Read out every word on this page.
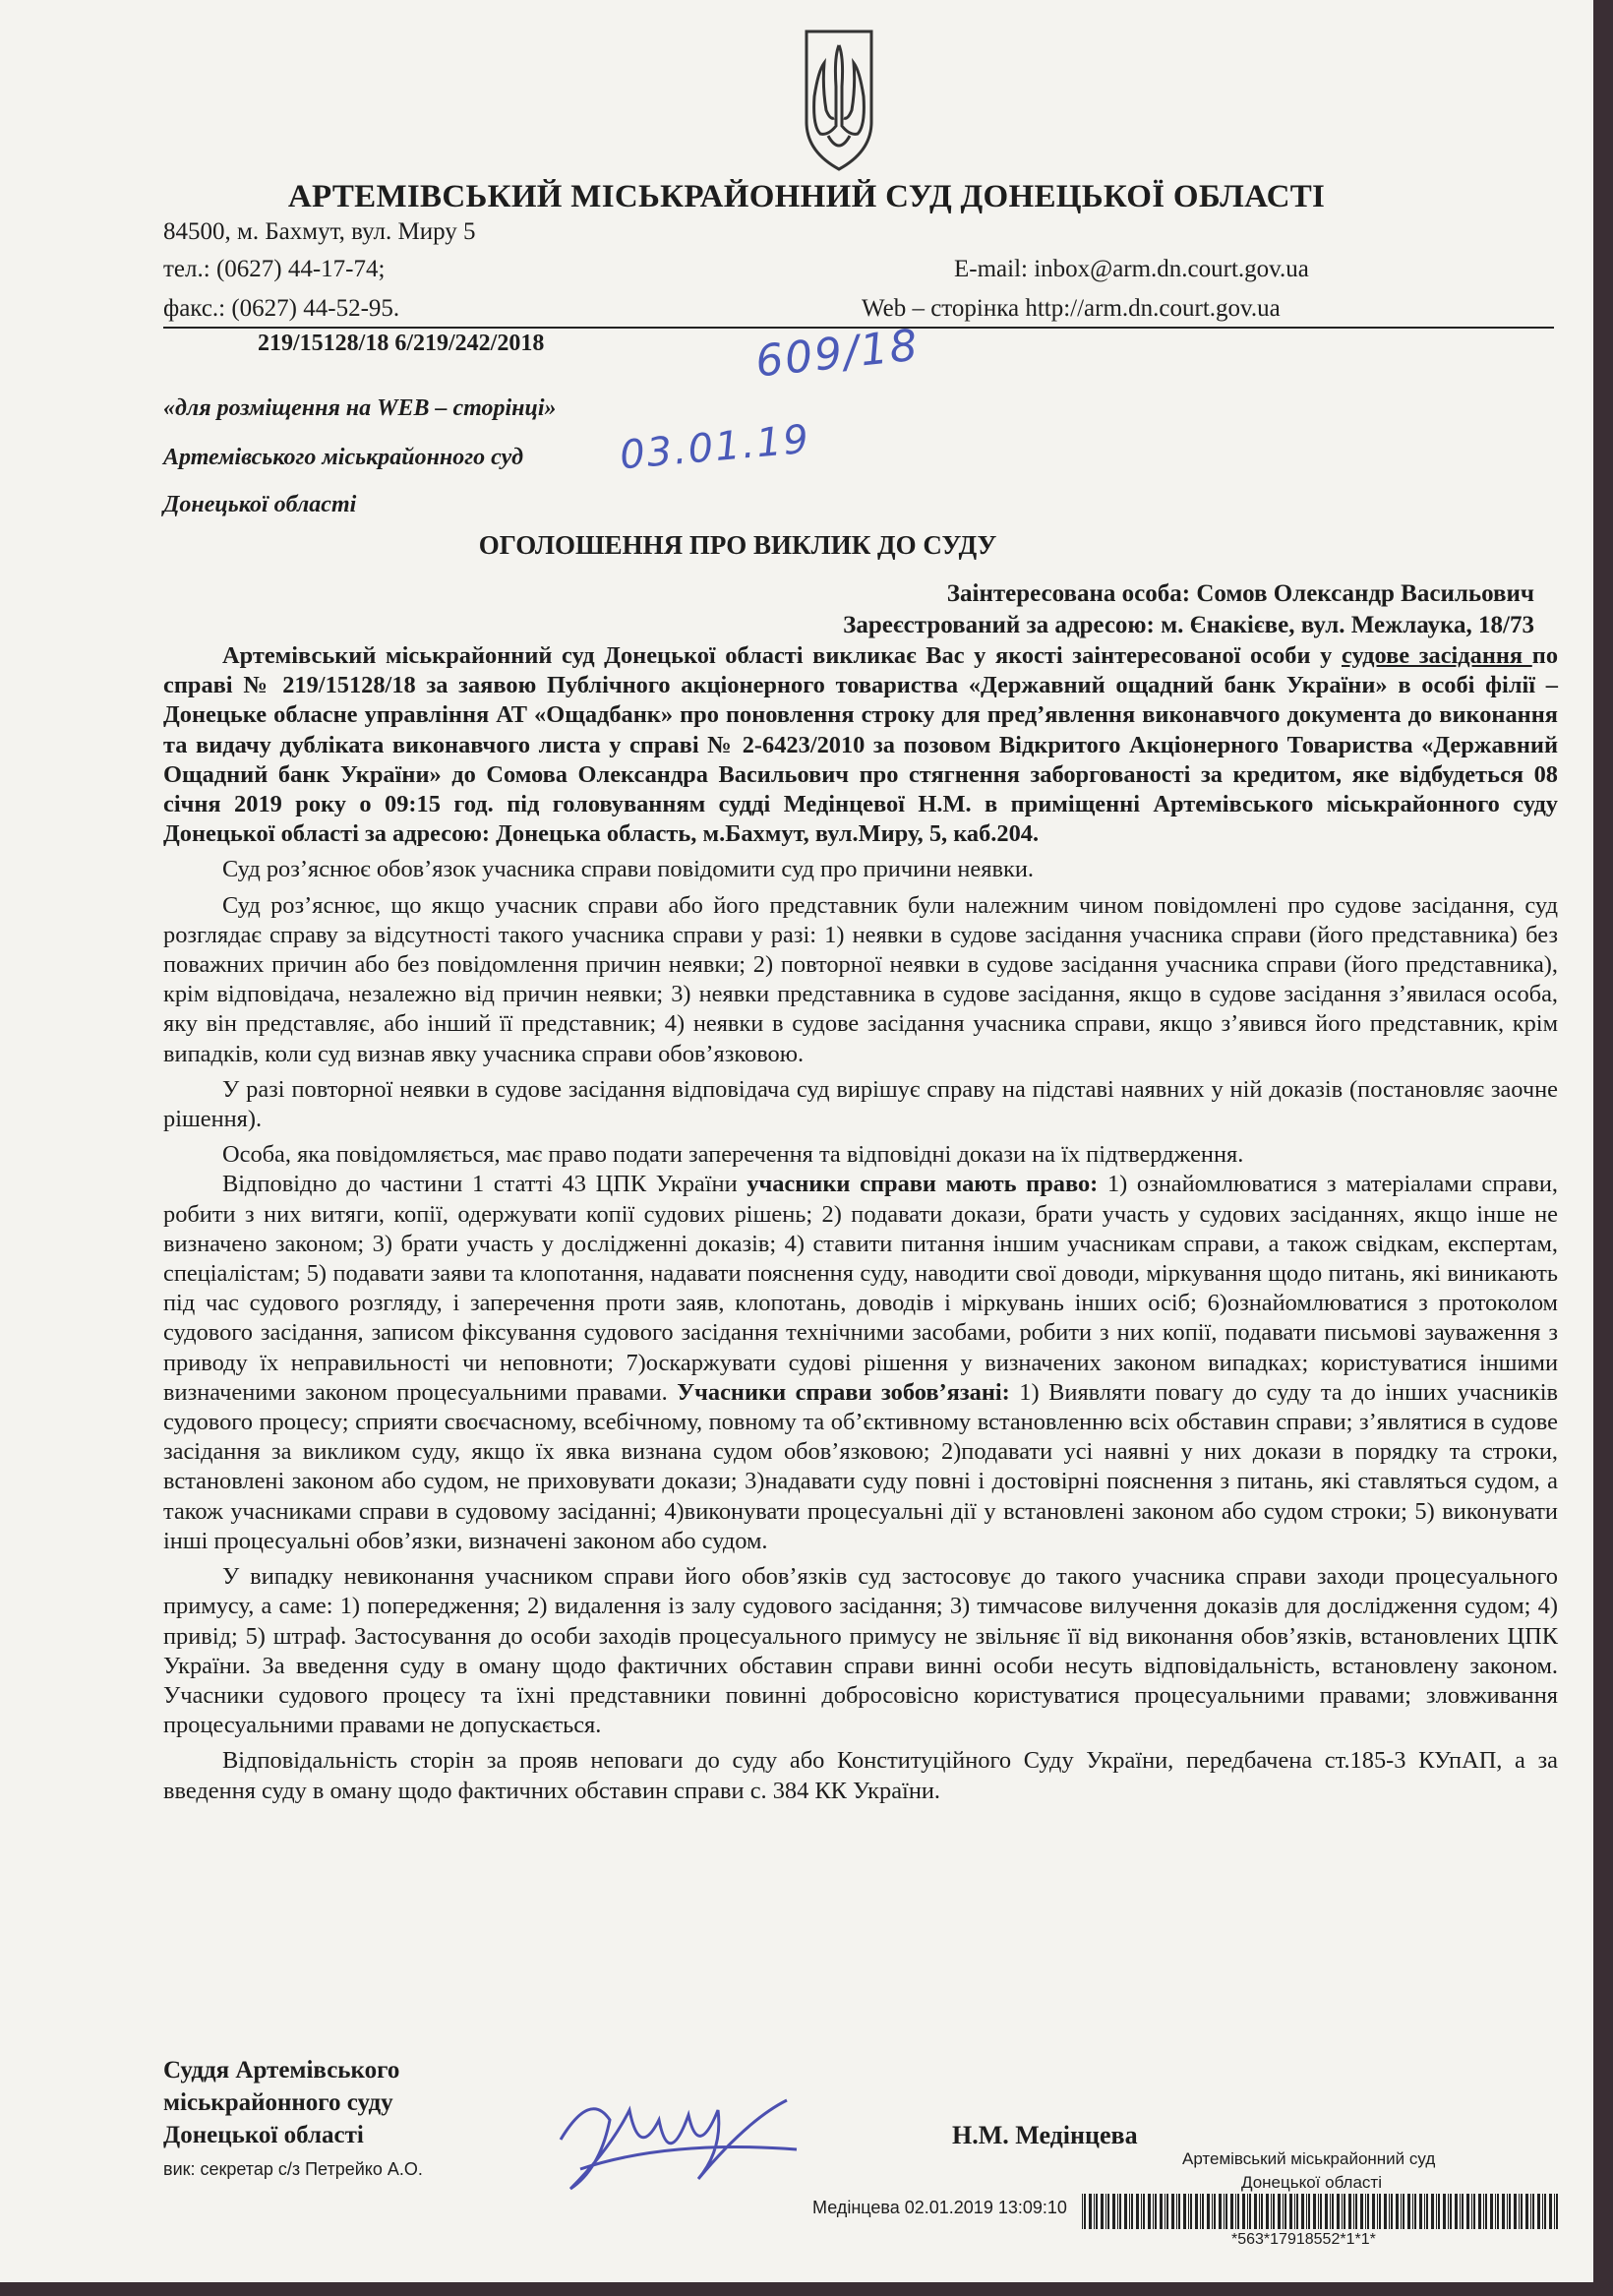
АРТЕМІВСЬКИЙ МІСЬКРАЙОННИЙ СУД ДОНЕЦЬКОЇ ОБЛАСТІ
84500, м. Бахмут, вул. Миру 5
тел.: (0627) 44-17-74;	E-mail: inbox@arm.dn.court.gov.ua
факс.: (0627) 44-52-95.	Web – сторінка http://arm.dn.court.gov.ua
219/15128/18 6/219/242/2018	609/18
03.01.19
«для розміщення на WEB – сторінці»
Артемівського міськрайонного суд
Донецької області
ОГОЛОШЕННЯ ПРО ВИКЛИК ДО СУДУ
Заінтересована особа: Сомов Олександр Васильович
Зареєстрований за адресою: м. Єнакієве, вул. Межлаука, 18/73

Артемівський міськрайонний суд Донецької області викликає Вас у якості заінтересованої особи у судове засідання по справі № 219/15128/18 за заявою Публічного акціонерного товариства «Державний ощадний банк України» в особі філії – Донецьке обласне управління АТ «Ощадбанк» про поновлення строку для пред’явлення виконавчого документа до виконання та видачу дубліката виконавчого листа у справі № 2-6423/2010 за позовом Відкритого Акціонерного Товариства «Державний Ощадний банк України» до Сомова Олександра Васильович про стягнення заборгованості за кредитом, яке відбудеться 08 січня 2019 року о 09:15 год. під головуванням судді Медінцевої Н.М. в приміщенні Артемівського міськрайонного суду Донецької області за адресою: Донецька область, м.Бахмут, вул.Миру, 5, каб.204.

Суд роз’яснює обов’язок учасника справи повідомити суд про причини неявки.

Суд роз’яснює, що якщо учасник справи або його представник були належним чином повідомлені про судове засідання, суд розглядає справу за відсутності такого учасника справи у разі: 1) неявки в судове засідання учасника справи (його представника) без поважних причин або без повідомлення причин неявки; 2) повторної неявки в судове засідання учасника справи (його представника), крім відповідача, незалежно від причин неявки; 3) неявки представника в судове засідання, якщо в судове засідання з’явилася особа, яку він представляє, або інший її представник; 4) неявки в судове засідання учасника справи, якщо з’явився його представник, крім випадків, коли суд визнав явку учасника справи обов’язковою.

У разі повторної неявки в судове засідання відповідача суд вирішує справу на підставі наявних у ній доказів (постановляє заочне рішення).

Особа, яка повідомляється, має право подати заперечення та відповідні докази на їх підтвердження.

Відповідно до частини 1 статті 43 ЦПК України учасники справи мають право: 1) ознайомлюватися з матеріалами справи, робити з них витяги, копії, одержувати копії судових рішень; 2) подавати докази, брати участь у судових засіданнях, якщо інше не визначено законом; 3) брати участь у дослідженні доказів; 4) ставити питання іншим учасникам справи, а також свідкам, експертам, спеціалістам; 5) подавати заяви та клопотання, надавати пояснення суду, наводити свої доводи, міркування щодо питань, які виникають під час судового розгляду, і заперечення проти заяв, клопотань, доводів і міркувань інших осіб; 6)ознайомлюватися з протоколом судового засідання, записом фіксування судового засідання технічними засобами, робити з них копії, подавати письмові зауваження з приводу їх неправильності чи неповноти; 7)оскаржувати судові рішення у визначених законом випадках; користуватися іншими визначеними законом процесуальними правами. Учасники справи зобов’язані: 1) Виявляти повагу до суду та до інших учасників судового процесу; сприяти своєчасному, всебічному, повному та об’єктивному встановленню всіх обставин справи; з’являтися в судове засідання за викликом суду, якщо їх явка визнана судом обов’язковою; 2)подавати усі наявні у них докази в порядку та строки, встановлені законом або судом, не приховувати докази; 3)надавати суду повні і достовірні пояснення з питань, які ставляться судом, а також учасниками справи в судовому засіданні; 4)виконувати процесуальні дії у встановлені законом або судом строки; 5) виконувати інші процесуальні обов’язки, визначені законом або судом.

У випадку невиконання учасником справи його обов’язків суд застосовує до такого учасника справи заходи процесуального примусу, а саме: 1) попередження; 2) видалення із залу судового засідання; 3) тимчасове вилучення доказів для дослідження судом; 4) привід; 5) штраф. Застосування до особи заходів процесуального примусу не звільняє її від виконання обов’язків, встановлених ЦПК України. За введення суду в оману щодо фактичних обставин справи винні особи несуть відповідальність, встановлену законом. Учасники судового процесу та їхні представники повинні добросовісно користуватися процесуальними правами; зловживання процесуальними правами не допускається.

Відповідальність сторін за прояв неповаги до суду або Конституційного Суду України, передбачена ст.185-3 КУпАП, а за введення суду в оману щодо фактичних обставин справи с. 384 КК України.

Суддя Артемівського
міськрайонного суду
Донецької області
вик: секретар с/з Петрейко А.О.
Н.М. Медінцева
Артемівський міськрайонний суд
Донецької області
Медінцева 02.01.2019 13:09:10
*563*17918552*1*1*
